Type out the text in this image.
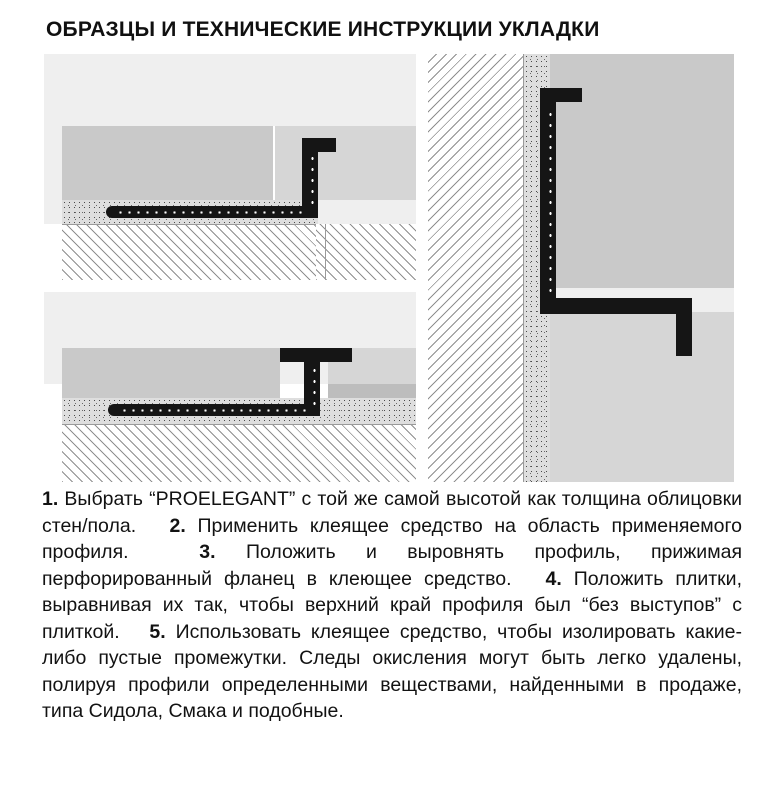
ОБРАЗЦЫ И ТЕХНИЧЕСКИЕ ИНСТРУКЦИИ УКЛАДКИ
1. Выбрать “PROELEGANT” с той же самой высотой как толщина облицовки стен/пола. 2. Применить клеящее средство на область применяемого профиля.	3. Положить и выровнять профиль, прижимая перфорированный фланец в клеющее средство. 4. Положить плитки, выравнивая их так, чтобы верхний край профиля был “без выступов” с плиткой. 5. Использовать клеящее средство, чтобы изолировать какие-либо пустые промежутки. Следы окисления могут быть легко удалены, полируя профили определенными веществами, найденными в продаже, типа Сидола, Смака и подобные.
